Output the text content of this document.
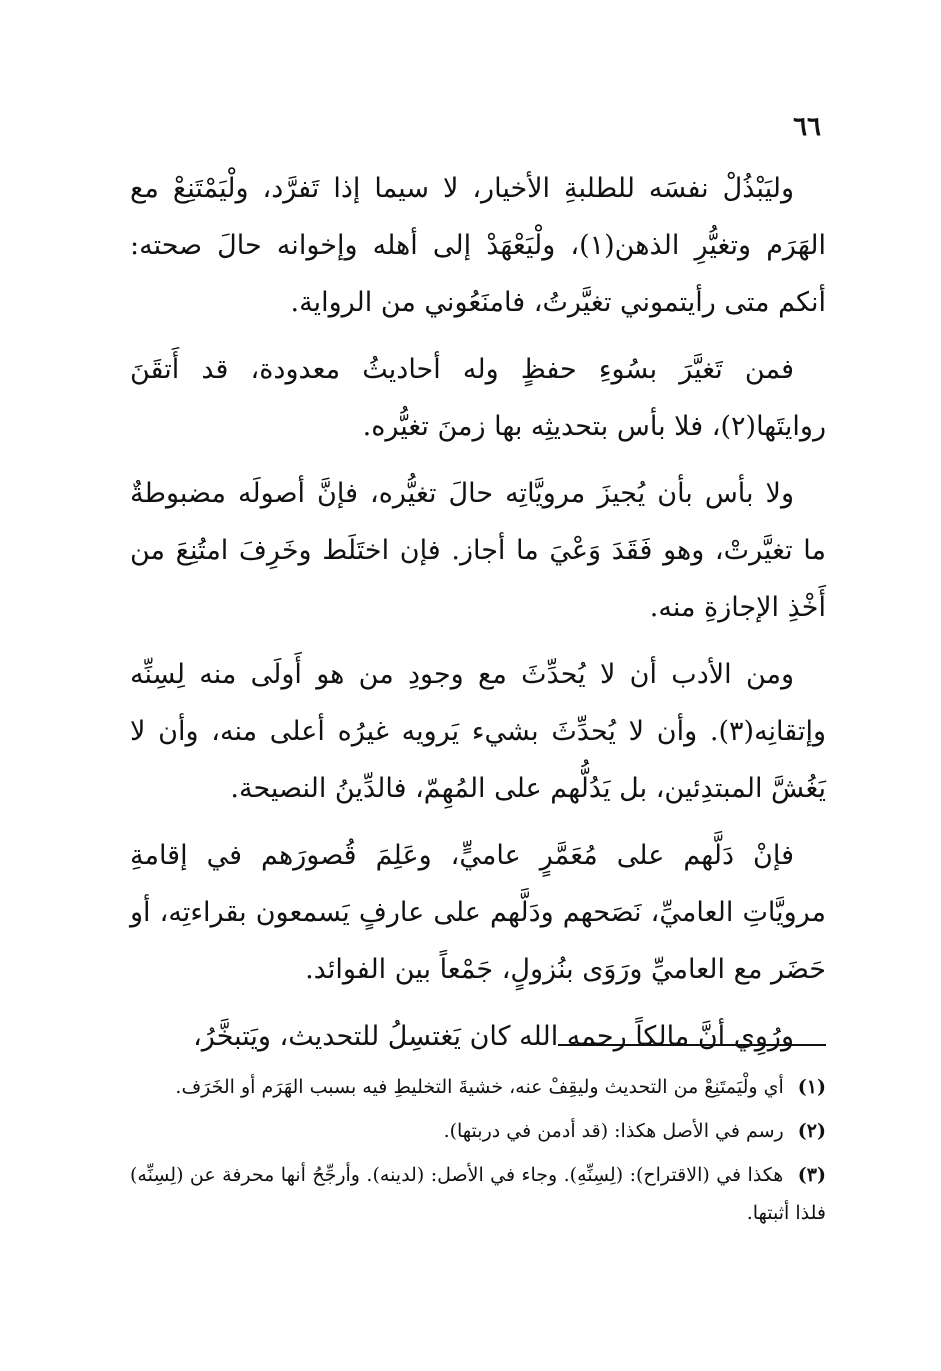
٦٦

وليَبْذُلْ نفسَه للطلبةِ الأخيار، لا سيما إذا تَفرَّد، ولْيَمْتَنِعْ مع الهَرَم وتغيُّرِ الذهن(١)، ولْيَعْهَدْ إلى أهله وإخوانه حالَ صحته: أنكم متى رأيتموني تغيَّرتُ، فامنَعُوني من الرواية.

فمن تَغيَّرَ بسُوءِ حفظٍ وله أحاديثُ معدودة، قد أَتقَنَ روايتَها(٢)، فلا بأس بتحديثِه بها زمنَ تغيُّره.

ولا بأس بأن يُجيزَ مرويَّاتِه حالَ تغيُّره، فإنَّ أصولَه مضبوطةٌ ما تغيَّرتْ، وهو فَقَدَ وَعْيَ ما أجاز. فإن اختَلَط وخَرِفَ امتُنِعَ من أَخْذِ الإجازةِ منه.

ومن الأدب أن لا يُحدِّثَ مع وجودِ من هو أَولَى منه لِسِنِّه وإتقانِه(٣). وأن لا يُحدِّثَ بشيء يَرويه غيرُه أعلى منه، وأن لا يَغُشَّ المبتدِئين، بل يَدُلُّهم على المُهِمّ، فالدِّينُ النصيحة.

فإنْ دَلَّهم على مُعَمَّرٍ عاميٍّ، وعَلِمَ قُصورَهم في إقامةِ مرويَّاتِ العاميِّ، نَصَحهم ودَلَّهم على عارفٍ يَسمعون بقراءتِه، أو حَضَر مع العاميِّ ورَوَى بنُزولٍ، جَمْعاً بين الفوائد.

ورُوِي أنَّ مالكاً رحمه الله كان يَغتسِلُ للتحديث، ويَتبخَّرُ،

(١) أي ولْيَمتَنِعْ من التحديث وليقِفْ عنه، خشيةَ التخليطِ فيه بسبب الهَرَم أو الخَرَف.

(٢) رسم في الأصل هكذا: (قد أدمن في دربتها).

(٣) هكذا في (الاقتراح): (لِسِنِّهِ). وجاء في الأصل: (لدينه). وأرجِّحُ أنها محرفة عن (لِسِنِّه) فلذا أثبتها.
